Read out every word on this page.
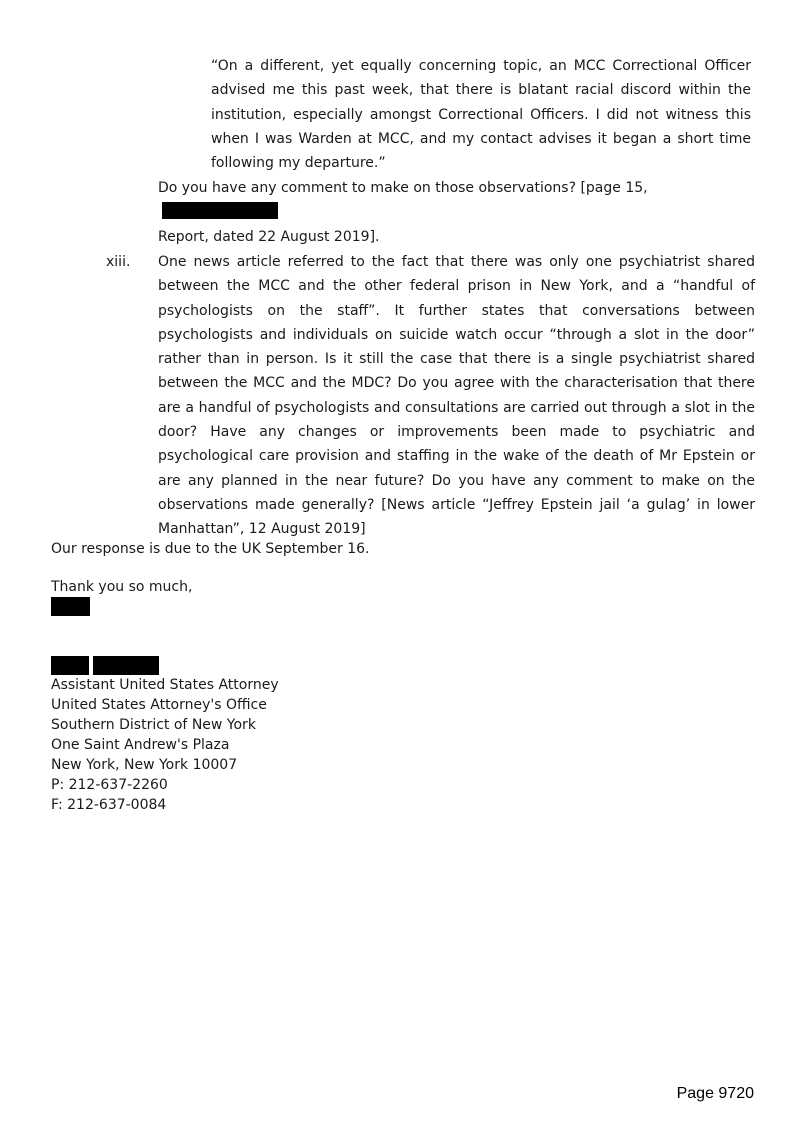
“On a different, yet equally concerning topic, an MCC Correctional Officer advised me this past week, that there is blatant racial discord within the institution, especially amongst Correctional Officers. I did not witness this when I was Warden at MCC, and my contact advises it began a short time following my departure.”

Do you have any comment to make on those observations? [page 15,
Report, dated 22 August 2019].

xiii. One news article referred to the fact that there was only one psychiatrist shared between the MCC and the other federal prison in New York, and a “handful of psychologists on the staff”. It further states that conversations between psychologists and individuals on suicide watch occur “through a slot in the door” rather than in person. Is it still the case that there is a single psychiatrist shared between the MCC and the MDC? Do you agree with the characterisation that there are a handful of psychologists and consultations are carried out through a slot in the door? Have any changes or improvements been made to psychiatric and psychological care provision and staffing in the wake of the death of Mr Epstein or are any planned in the near future? Do you have any comment to make on the observations made generally? [News article “Jeffrey Epstein jail ‘a gulag’ in lower Manhattan”, 12 August 2019]

Our response is due to the UK September 16.

Thank you so much,

Assistant United States Attorney
United States Attorney's Office
Southern District of New York
One Saint Andrew's Plaza
New York, New York 10007
P: 212-637-2260
F: 212-637-0084
Page 9720
